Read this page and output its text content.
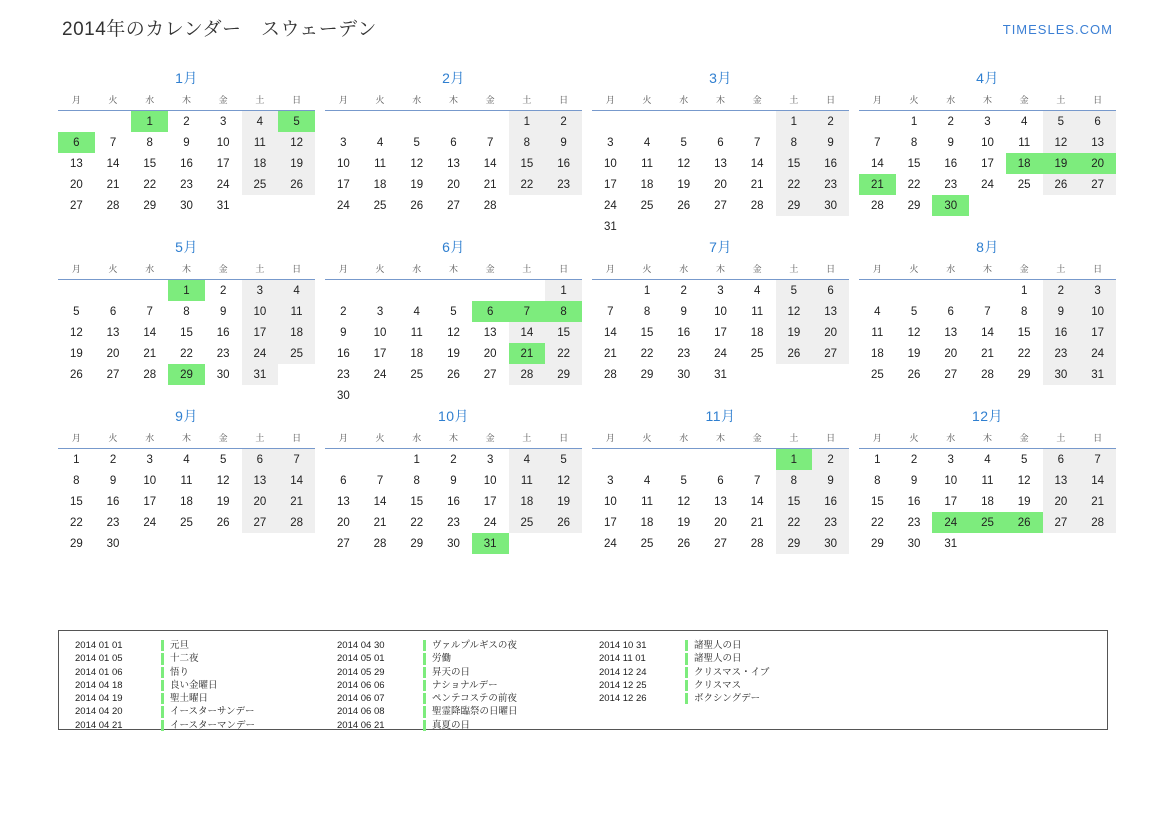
2014年のカレンダー　スウェーデン	TIMESLES.COM
1月
月	火	水	木	金	土	日
		1	2	3	4	5
6	7	8	9	10	11	12
13	14	15	16	17	18	19
20	21	22	23	24	25	26
27	28	29	30	31		
2月
月	火	水	木	金	土	日
					1	2
3	4	5	6	7	8	9
10	11	12	13	14	15	16
17	18	19	20	21	22	23
24	25	26	27	28		
3月
月	火	水	木	金	土	日
					1	2
3	4	5	6	7	8	9
10	11	12	13	14	15	16
17	18	19	20	21	22	23
24	25	26	27	28	29	30
31						
4月
月	火	水	木	金	土	日
	1	2	3	4	5	6
7	8	9	10	11	12	13
14	15	16	17	18	19	20
21	22	23	24	25	26	27
28	29	30				
5月
月	火	水	木	金	土	日
			1	2	3	4
5	6	7	8	9	10	11
12	13	14	15	16	17	18
19	20	21	22	23	24	25
26	27	28	29	30	31	
6月
月	火	水	木	金	土	日
						1
2	3	4	5	6	7	8
9	10	11	12	13	14	15
16	17	18	19	20	21	22
23	24	25	26	27	28	29
30						
7月
月	火	水	木	金	土	日
	1	2	3	4	5	6
7	8	9	10	11	12	13
14	15	16	17	18	19	20
21	22	23	24	25	26	27
28	29	30	31			
8月
月	火	水	木	金	土	日
				1	2	3
4	5	6	7	8	9	10
11	12	13	14	15	16	17
18	19	20	21	22	23	24
25	26	27	28	29	30	31
9月
月	火	水	木	金	土	日
1	2	3	4	5	6	7
8	9	10	11	12	13	14
15	16	17	18	19	20	21
22	23	24	25	26	27	28
29	30					
10月
月	火	水	木	金	土	日
		1	2	3	4	5
6	7	8	9	10	11	12
13	14	15	16	17	18	19
20	21	22	23	24	25	26
27	28	29	30	31		
11月
月	火	水	木	金	土	日
					1	2
3	4	5	6	7	8	9
10	11	12	13	14	15	16
17	18	19	20	21	22	23
24	25	26	27	28	29	30
12月
月	火	水	木	金	土	日
1	2	3	4	5	6	7
8	9	10	11	12	13	14
15	16	17	18	19	20	21
22	23	24	25	26	27	28
29	30	31				
2014 01 01	元旦
2014 01 05	十二夜
2014 01 06	悟り
2014 04 18	良い金曜日
2014 04 19	聖土曜日
2014 04 20	イースターサンデー
2014 04 21	イースターマンデー
2014 04 30	ヴァルプルギスの夜
2014 05 01	労働
2014 05 29	昇天の日
2014 06 06	ナショナルデー
2014 06 07	ペンテコステの前夜
2014 06 08	聖霊降臨祭の日曜日
2014 06 21	真夏の日
2014 10 31	諸聖人の日
2014 11 01	諸聖人の日
2014 12 24	クリスマス・イブ
2014 12 25	クリスマス
2014 12 26	ボクシングデー
